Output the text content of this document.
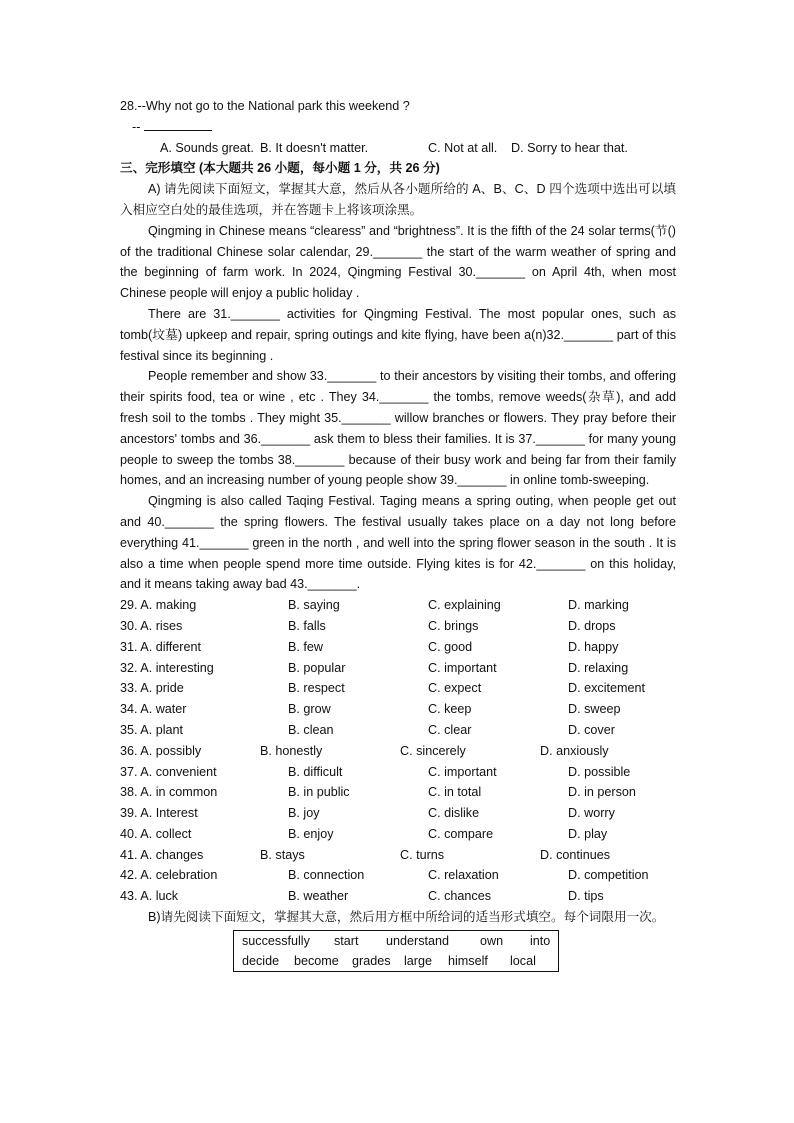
28.--Why not go to the National park this weekend ?
--
A. Sounds great. B. It doesn't matter.	C. Not at all. D. Sorry to hear that.
三、完形填空 (本大题共 26 小题，每小题 1 分，共 26 分)

A) 请先阅读下面短文，掌握其大意，然后从各小题所给的 A、B、C、D 四个选项中选出可以填入相应空白处的最佳选项，并在答题卡上将该项涂黑。

Qingming in Chinese means “clearess” and “brightness”. It is the fifth of the 24 solar terms(节() of the traditional Chinese solar calendar, 29._______ the start of the warm weather of spring and the beginning of farm work. In 2024, Qingming Festival 30._______ on April 4th, when most Chinese people will enjoy a public holiday .

There are 31._______ activities for Qingming Festival. The most popular ones, such as tomb(坟墓) upkeep and repair, spring outings and kite flying, have been a(n)32._______ part of this festival since its beginning .

People remember and show 33._______ to their ancestors by visiting their tombs, and offering their spirits food, tea or wine , etc . They 34._______ the tombs, remove weeds(杂草), and add fresh soil to the tombs . They might 35._______ willow branches or flowers. They pray before their ancestors' tombs and 36._______ ask them to bless their families. It is 37._______ for many young people to sweep the tombs 38._______ because of their busy work and being far from their family homes, and an increasing number of young people show 39._______ in online tomb-sweeping.

Qingming is also called Taqing Festival. Taging means a spring outing, when people get out and 40._______ the spring flowers. The festival usually takes place on a day not long before everything 41._______ green in the north , and well into the spring flower season in the south . It is also a time when people spend more time outside. Flying kites is for 42._______ on this holiday, and it means taking away bad 43._______.

29. A. making	B. saying	C. explaining	D. marking
30. A. rises	B. falls	C. brings	D. drops
31. A. different	B. few	C. good	D. happy
32. A. interesting	B. popular	C. important	D. relaxing
33. A. pride	B. respect	C. expect	D. excitement
34. A. water	B. grow	C. keep	D. sweep
35. A. plant	B. clean	C. clear	D. cover
36. A. possibly	B. honestly	C. sincerely	D. anxiously
37. A. convenient	B. difficult	C. important	D. possible
38. A. in common	B. in public	C. in total	D. in person
39. A. Interest	B. joy	C. dislike	D. worry
40. A. collect	B. enjoy	C. compare	D. play
41. A. changes	B. stays	C. turns	D. continues
42. A. celebration	B. connection	C. relaxation	D. competition
43. A. luck	B. weather	C. chances	D. tips

B)请先阅读下面短文，掌握其大意，然后用方框中所给词的适当形式填空。每个词限用一次。

successfully start understand own into
decide become grades large himself local
